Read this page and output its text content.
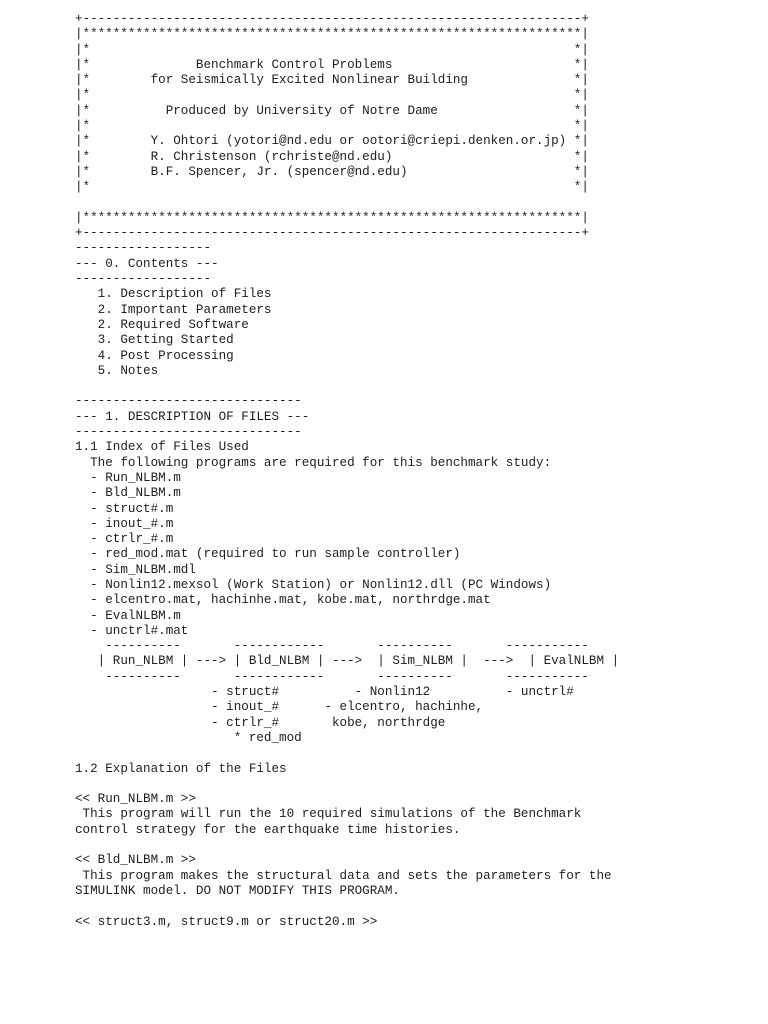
+------------------------------------------------------------------+
|******************************************************************|
|*                                                                *|
|*              Benchmark Control Problems                        *|
|*        for Seismically Excited Nonlinear Building              *|
|*                                                                *|
|*          Produced by University of Notre Dame                  *|
|*                                                                *|
|*        Y. Ohtori (yotori@nd.edu or ootori@criepi.denken.or.jp) *|
|*        R. Christenson (rchriste@nd.edu)                        *|
|*        B.F. Spencer, Jr. (spencer@nd.edu)                      *|
|*                                                                *|
|******************************************************************|
+------------------------------------------------------------------+
------------------
--- 0. Contents ---
------------------
1. Description of Files
2. Important Parameters
2. Required Software
3. Getting Started
4. Post Processing
5. Notes
------------------------------
--- 1. DESCRIPTION OF FILES ---
------------------------------
1.1 Index of Files Used
The following programs are required for this benchmark study:
- Run_NLBM.m
- Bld_NLBM.m
- struct#.m
- inout_#.m
- ctrlr_#.m
- red_mod.mat (required to run sample controller)
- Sim_NLBM.mdl
- Nonlin12.mexsol (Work Station) or Nonlin12.dll (PC Windows)
- elcentro.mat, hachinhe.mat, kobe.mat, northrdge.mat
- EvalNLBM.m
- unctrl#.mat
----------       ------------       ----------       -----------
| Run_NLBM | ---> | Bld_NLBM | --->  | Sim_NLBM |  --->  | EvalNLBM |
----------       ------------       ----------       -----------
- struct#          - Nonlin12          - unctrl#
- inout_#      - elcentro, hachinhe,
- ctrlr_#       kobe, northrdge
* red_mod
1.2 Explanation of the Files
<< Run_NLBM.m >>
This program will run the 10 required simulations of the Benchmark
control strategy for the earthquake time histories.
<< Bld_NLBM.m >>
This program makes the structural data and sets the parameters for the
SIMULINK model. DO NOT MODIFY THIS PROGRAM.
<< struct3.m, struct9.m or struct20.m >>
